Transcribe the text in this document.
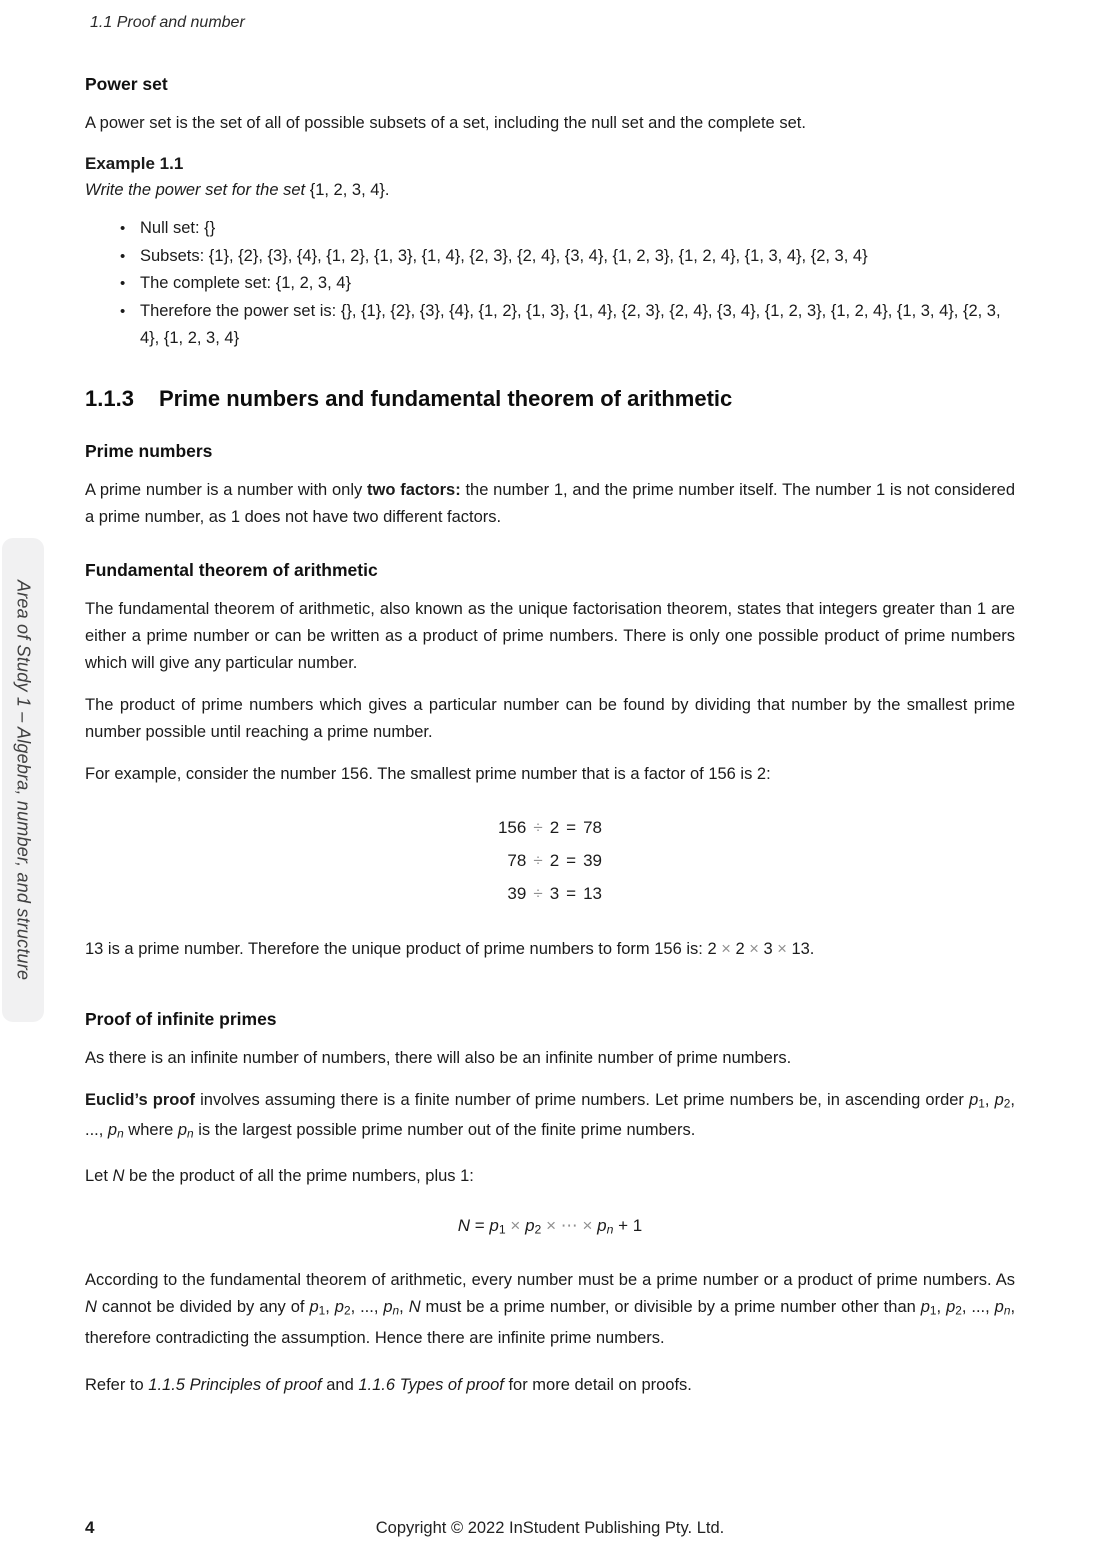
1.1 Proof and number
Power set

A power set is the set of all of possible subsets of a set, including the null set and the complete set.

Example 1.1
Write the power set for the set {1, 2, 3, 4}.
• Null set: {}
• Subsets: {1}, {2}, {3}, {4}, {1, 2}, {1, 3}, {1, 4}, {2, 3}, {2, 4}, {3, 4}, {1, 2, 3}, {1, 2, 4}, {1, 3, 4}, {2, 3, 4}
• The complete set: {1, 2, 3, 4}
• Therefore the power set is: {}, {1}, {2}, {3}, {4}, {1, 2}, {1, 3}, {1, 4}, {2, 3}, {2, 4}, {3, 4}, {1, 2, 3}, {1, 2, 4}, {1, 3, 4}, {2, 3, 4}, {1, 2, 3, 4}
1.1.3 Prime numbers and fundamental theorem of arithmetic
Prime numbers

A prime number is a number with only two factors: the number 1, and the prime number itself. The number 1 is not considered a prime number, as 1 does not have two different factors.

Fundamental theorem of arithmetic

The fundamental theorem of arithmetic, also known as the unique factorisation theorem, states that integers greater than 1 are either a prime number or can be written as a product of prime numbers. There is only one possible product of prime numbers which will give any particular number.

The product of prime numbers which gives a particular number can be found by dividing that number by the smallest prime number possible until reaching a prime number.

For example, consider the number 156. The smallest prime number that is a factor of 156 is 2:

156 ÷ 2 = 78
78 ÷ 2 = 39
39 ÷ 3 = 13

13 is a prime number. Therefore the unique product of prime numbers to form 156 is: 2 × 2 × 3 × 13.

Proof of infinite primes

As there is an infinite number of numbers, there will also be an infinite number of prime numbers.

Euclid’s proof involves assuming there is a finite number of prime numbers. Let prime numbers be, in ascending order p1, p2, ..., pn where pn is the largest possible prime number out of the finite prime numbers.

Let N be the product of all the prime numbers, plus 1:

N = p1 × p2 × ⋯ × pn + 1

According to the fundamental theorem of arithmetic, every number must be a prime number or a product of prime numbers. As N cannot be divided by any of p1, p2, ..., pn, N must be a prime number, or divisible by a prime number other than p1, p2, ..., pn, therefore contradicting the assumption. Hence there are infinite prime numbers.

Refer to 1.1.5 Principles of proof and 1.1.6 Types of proof for more detail on proofs.

Area of Study 1 – Algebra, number, and structure
4	Copyright © 2022 InStudent Publishing Pty. Ltd.
